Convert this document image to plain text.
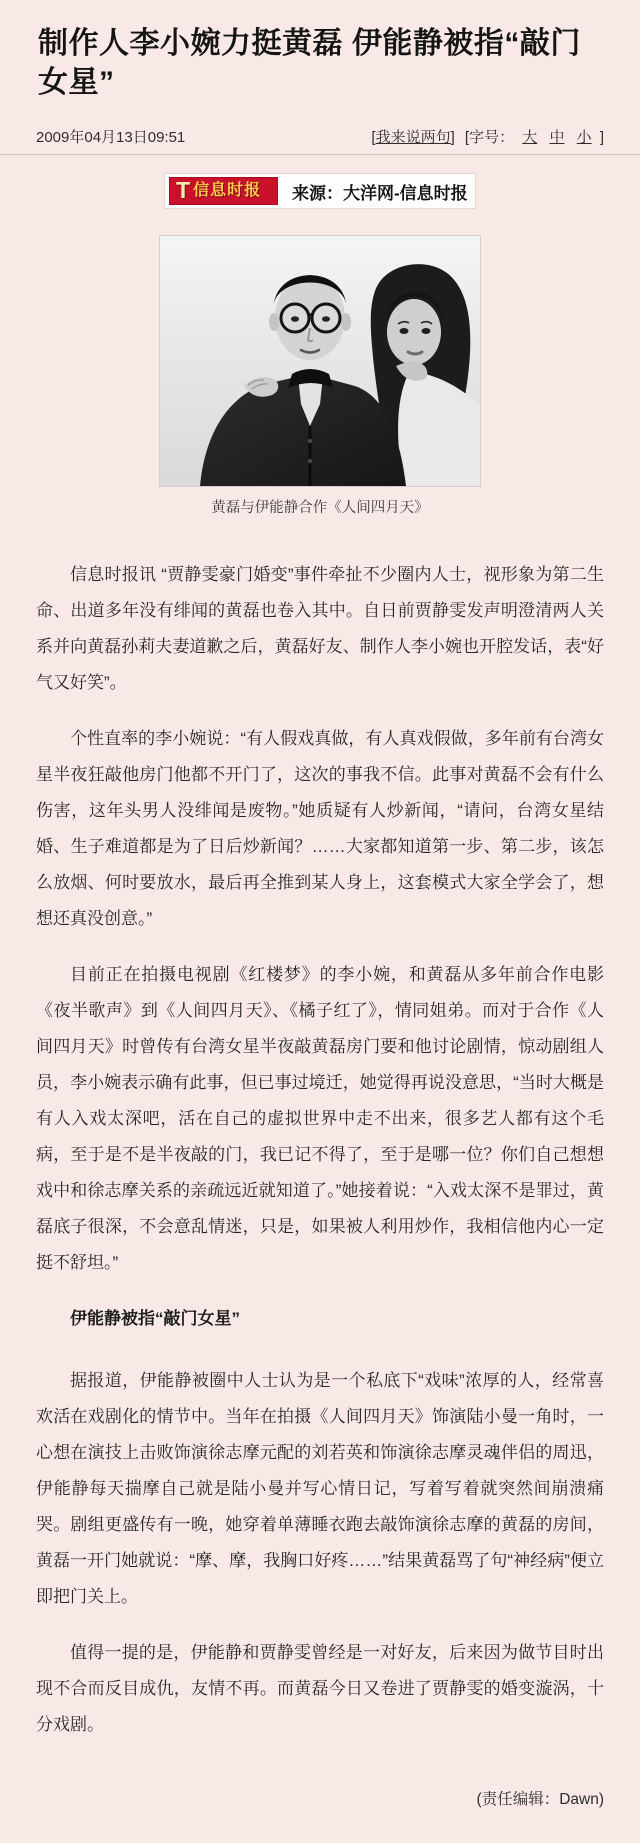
制作人李小婉力挺黄磊 伊能静被指“敲门女星”
2009年04月13日09:51	[我来说两句] [字号： 大 中 小 ]
T 信息时报 来源：大洋网-信息时报
黄磊与伊能静合作《人间四月天》

信息时报讯 “贾静雯豪门婚变”事件牵扯不少圈内人士，视形象为第二生命、出道多年没有绯闻的黄磊也卷入其中。自日前贾静雯发声明澄清两人关系并向黄磊孙莉夫妻道歉之后，黄磊好友、制作人李小婉也开腔发话，表“好气又好笑”。

个性直率的李小婉说：“有人假戏真做，有人真戏假做，多年前有台湾女星半夜狂敲他房门他都不开门了，这次的事我不信。此事对黄磊不会有什么伤害，这年头男人没绯闻是废物。”她质疑有人炒新闻，“请问，台湾女星结婚、生子难道都是为了日后炒新闻？……大家都知道第一步、第二步，该怎么放烟、何时要放水，最后再全推到某人身上，这套模式大家全学会了，想想还真没创意。”

目前正在拍摄电视剧《红楼梦》的李小婉，和黄磊从多年前合作电影《夜半歌声》到《人间四月天》、《橘子红了》，情同姐弟。而对于合作《人间四月天》时曾传有台湾女星半夜敲黄磊房门要和他讨论剧情，惊动剧组人员，李小婉表示确有此事，但已事过境迁，她觉得再说没意思，“当时大概是有人入戏太深吧，活在自己的虚拟世界中走不出来，很多艺人都有这个毛病，至于是不是半夜敲的门，我已记不得了，至于是哪一位？你们自己想想戏中和徐志摩关系的亲疏远近就知道了。”她接着说：“入戏太深不是罪过，黄磊底子很深，不会意乱情迷，只是，如果被人利用炒作，我相信他内心一定挺不舒坦。”

伊能静被指“敲门女星”

据报道，伊能静被圈中人士认为是一个私底下“戏味”浓厚的人，经常喜欢活在戏剧化的情节中。当年在拍摄《人间四月天》饰演陆小曼一角时，一心想在演技上击败饰演徐志摩元配的刘若英和饰演徐志摩灵魂伴侣的周迅，伊能静每天揣摩自己就是陆小曼并写心情日记，写着写着就突然间崩溃痛哭。剧组更盛传有一晚，她穿着单薄睡衣跑去敲饰演徐志摩的黄磊的房间，黄磊一开门她就说：“摩、摩，我胸口好疼……”结果黄磊骂了句“神经病”便立即把门关上。

值得一提的是，伊能静和贾静雯曾经是一对好友，后来因为做节目时出现不合而反目成仇，友情不再。而黄磊今日又卷进了贾静雯的婚变漩涡，十分戏剧。

(责任编辑：Dawn)
